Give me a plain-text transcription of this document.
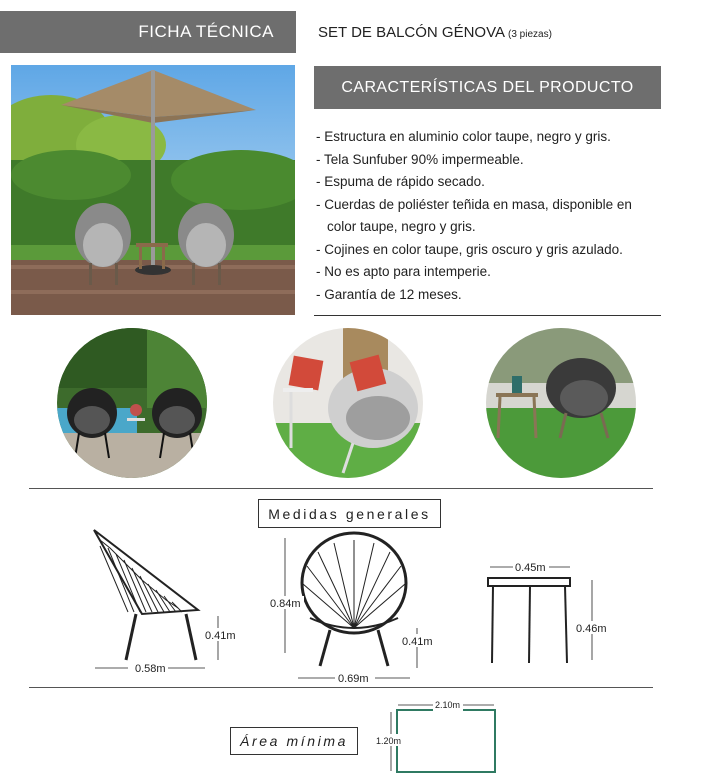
FICHA TÉCNICA	SET DE BALCÓN GÉNOVA (3 piezas)
CARACTERÍSTICAS DEL PRODUCTO
- Estructura en aluminio color taupe, negro y gris.
- Tela Sunfuber 90% impermeable.
- Espuma de rápido secado.
- Cuerdas de poliéster teñida en masa, disponible en
color taupe, negro y gris.
- Cojines en color taupe, gris oscuro y gris azulado.
- No es apto para intemperie.
- Garantía de 12 meses.
Medidas generales
0.58m
0.41m
0.84m
0.69m
0.41m
0.45m
0.46m
2.10m
1.20m
Área mínima
